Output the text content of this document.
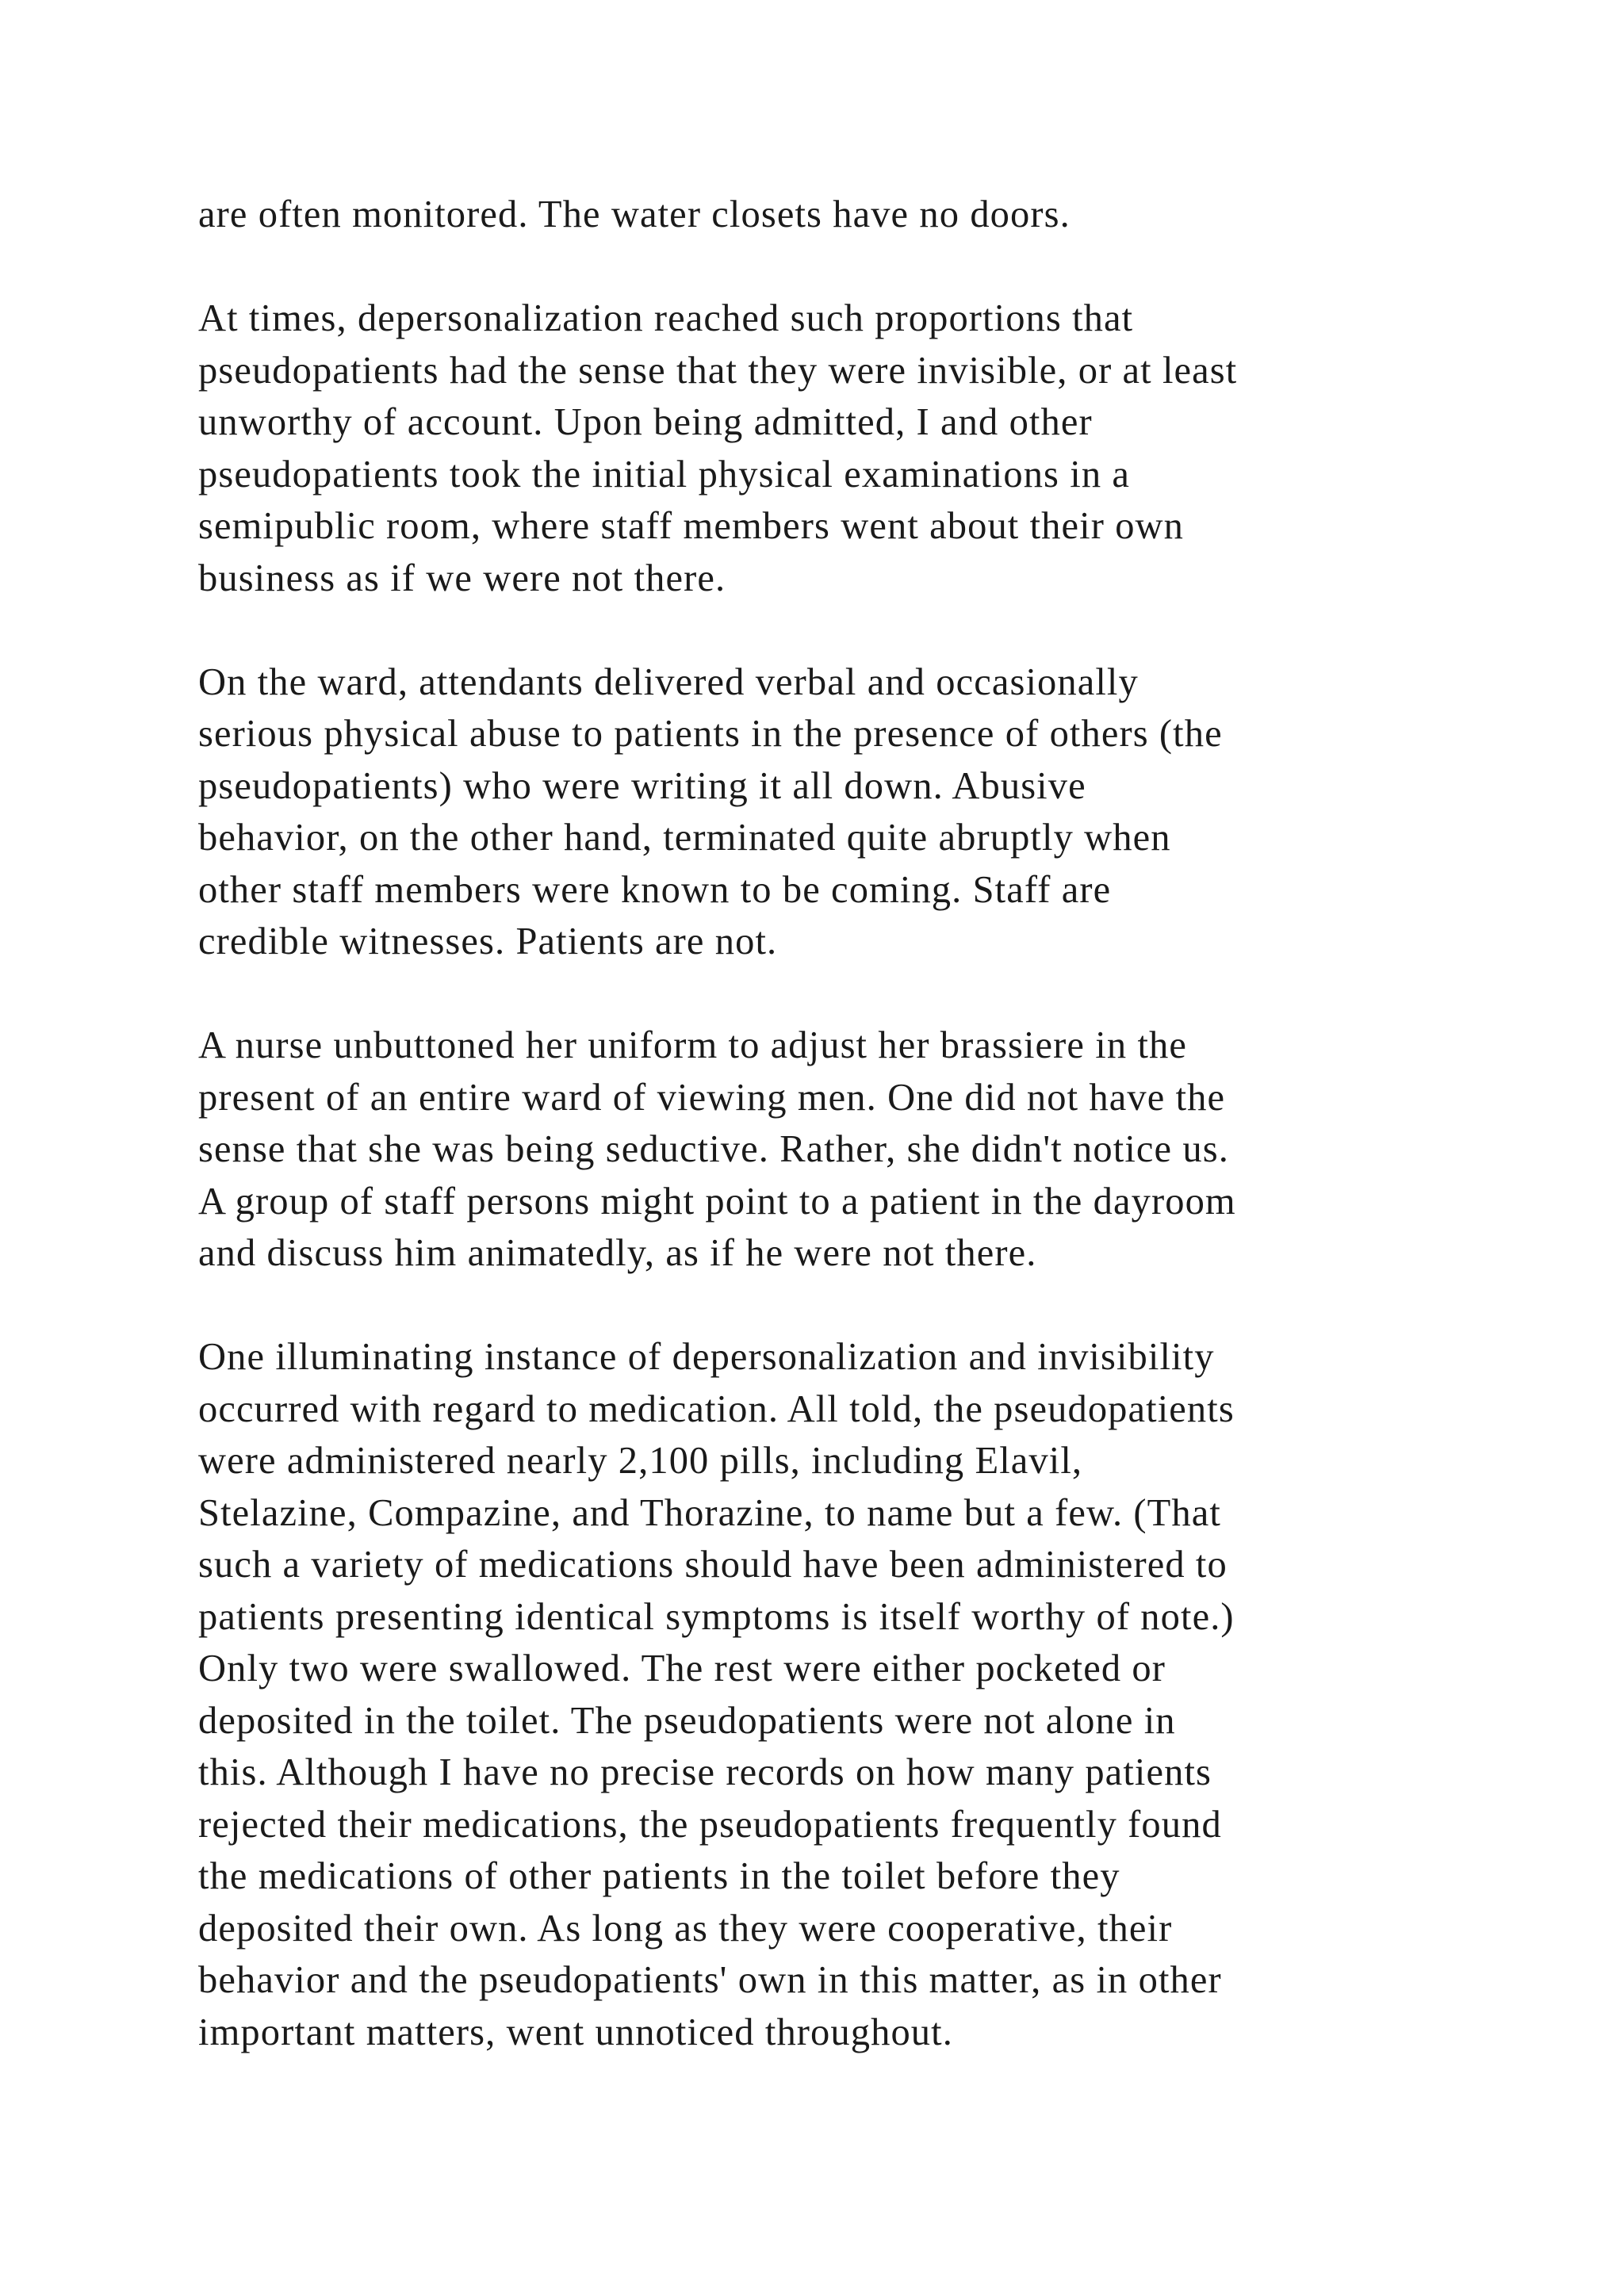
are often monitored. The water closets have no doors.
At times, depersonalization reached such proportions that
pseudopatients had the sense that they were invisible, or at least
unworthy of account. Upon being admitted, I and other
pseudopatients took the initial physical examinations in a
semipublic room, where staff members went about their own
business as if we were not there.
On the ward, attendants delivered verbal and occasionally
serious physical abuse to patients in the presence of others (the
pseudopatients) who were writing it all down. Abusive
behavior, on the other hand, terminated quite abruptly when
other staff members were known to be coming. Staff are
credible witnesses. Patients are not.
A nurse unbuttoned her uniform to adjust her brassiere in the
present of an entire ward of viewing men. One did not have the
sense that she was being seductive. Rather, she didn't notice us.
A group of staff persons might point to a patient in the dayroom
and discuss him animatedly, as if he were not there.
One illuminating instance of depersonalization and invisibility
occurred with regard to medication. All told, the pseudopatients
were administered nearly 2,100 pills, including Elavil,
Stelazine, Compazine, and Thorazine, to name but a few. (That
such a variety of medications should have been administered to
patients presenting identical symptoms is itself worthy of note.)
Only two were swallowed. The rest were either pocketed or
deposited in the toilet. The pseudopatients were not alone in
this. Although I have no precise records on how many patients
rejected their medications, the pseudopatients frequently found
the medications of other patients in the toilet before they
deposited their own. As long as they were cooperative, their
behavior and the pseudopatients' own in this matter, as in other
important matters, went unnoticed throughout.
